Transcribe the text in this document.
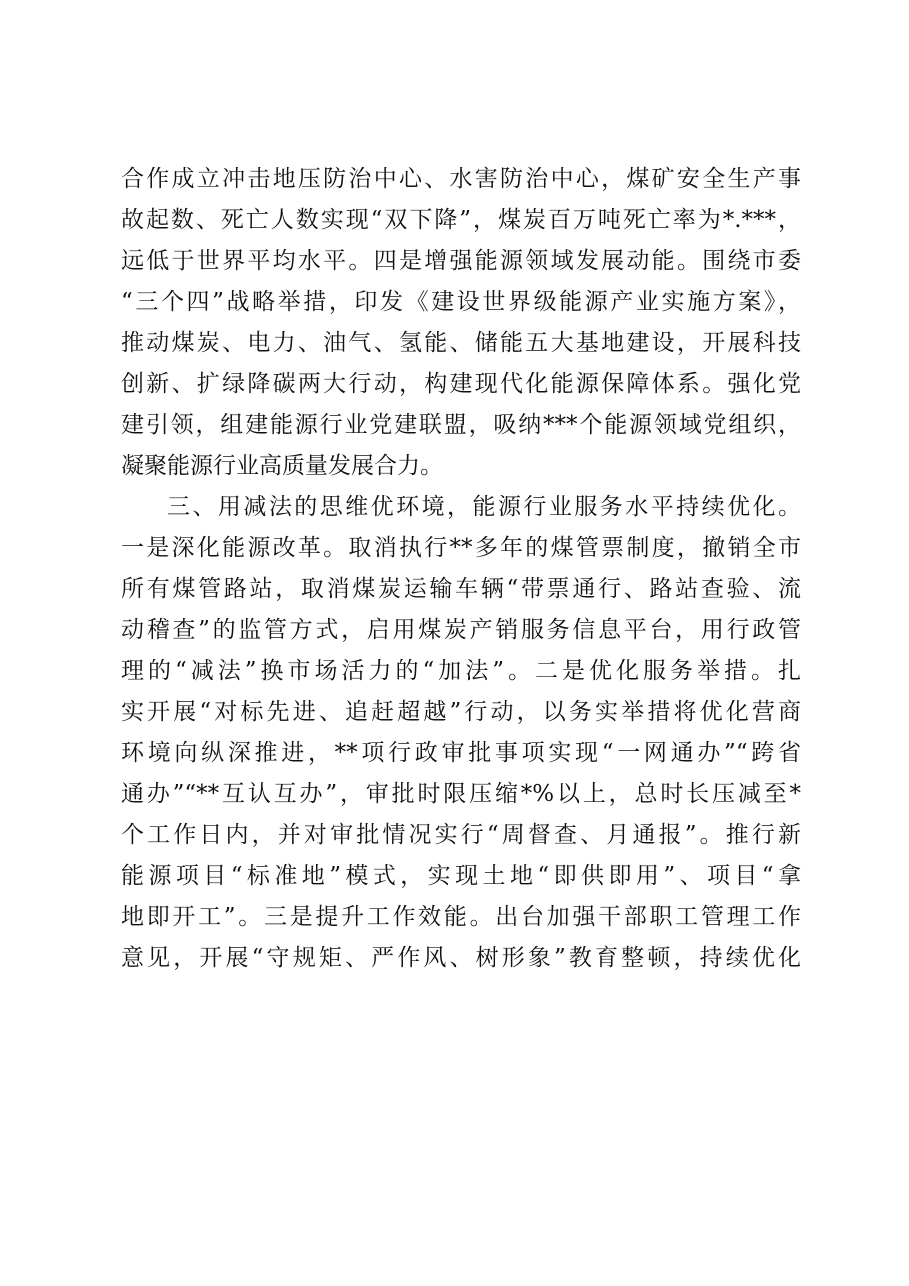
合作成立冲击地压防治中心、水害防治中心，煤矿安全生产事
故起数、死亡人数实现“双下降”，煤炭百万吨死亡率为*.***，
远低于世界平均水平。四是增强能源领域发展动能。围绕市委
“三个四”战略举措，印发《建设世界级能源产业实施方案》，
推动煤炭、电力、油气、氢能、储能五大基地建设，开展科技
创新、扩绿降碳两大行动，构建现代化能源保障体系。强化党
建引领，组建能源行业党建联盟，吸纳***个能源领域党组织，
凝聚能源行业高质量发展合力。
三、用减法的思维优环境，能源行业服务水平持续优化。
一是深化能源改革。取消执行**多年的煤管票制度，撤销全市
所有煤管路站，取消煤炭运输车辆“带票通行、路站查验、流
动稽查”的监管方式，启用煤炭产销服务信息平台，用行政管
理的“减法”换市场活力的“加法”。二是优化服务举措。扎
实开展“对标先进、追赶超越”行动，以务实举措将优化营商
环境向纵深推进，**项行政审批事项实现“一网通办”“跨省
通办”“**互认互办”，审批时限压缩*%以上，总时长压减至*
个工作日内，并对审批情况实行“周督查、月通报”。推行新
能源项目“标准地”模式，实现土地“即供即用”、项目“拿
地即开工”。三是提升工作效能。出台加强干部职工管理工作
意见，开展“守规矩、严作风、树形象”教育整顿，持续优化
